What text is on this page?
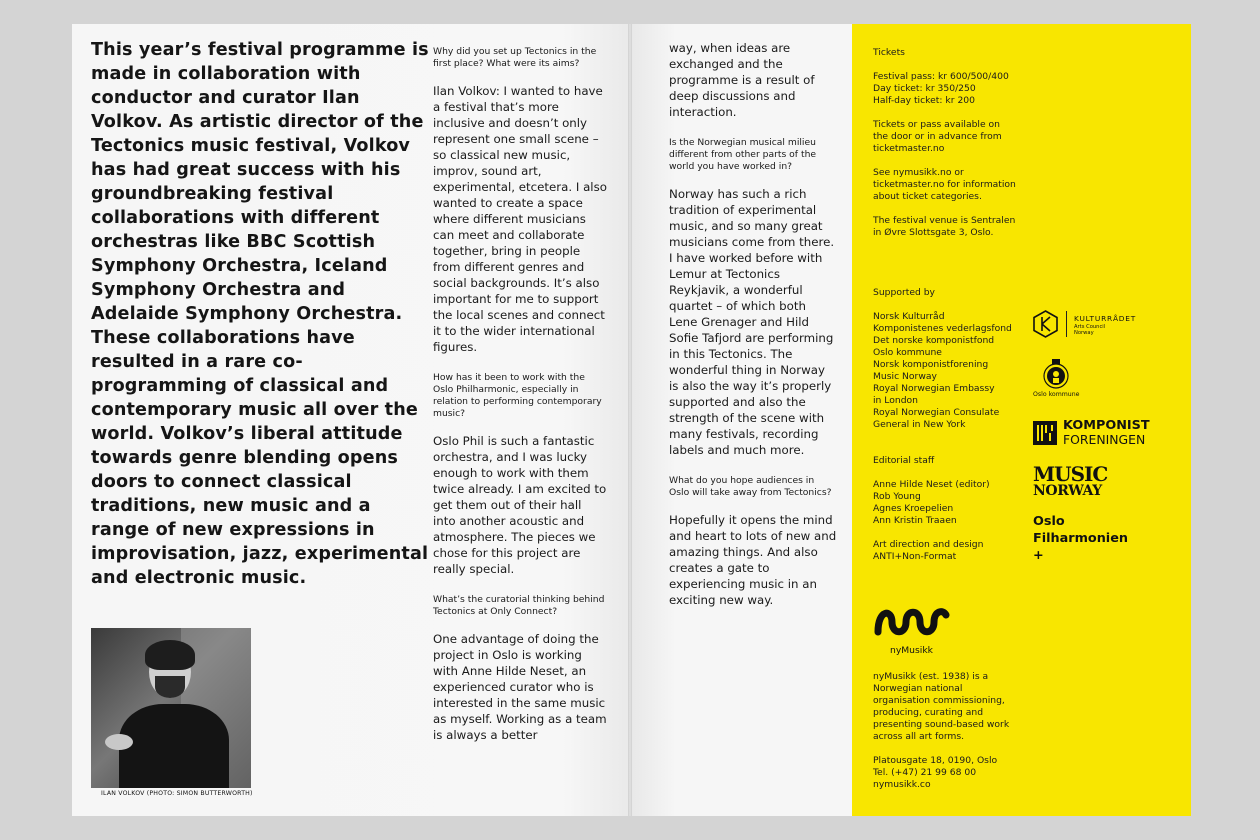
This year’s festival programme is made in collaboration with conductor and curator Ilan Volkov. As artistic director of the Tectonics music festival, Volkov has had great success with his groundbreaking festival collaborations with different orchestras like BBC Scottish Symphony Orchestra, Iceland Symphony Orchestra and Adelaide Symphony Orchestra. These collaborations have resulted in a rare co-programming of classical and contemporary music all over the world. Volkov’s liberal attitude towards genre blending opens doors to connect classical traditions, new music and a range of new expressions in improvisation, jazz, experimental and electronic music.

Why did you set up Tectonics in the first place? What were its aims?

Ilan Volkov: I wanted to have a festival that’s more inclusive and doesn’t only represent one small scene – so classical new music, improv, sound art, experimental, etcetera. I also wanted to create a space where different musicians can meet and collaborate together, bring in people from different genres and social backgrounds. It’s also important for me to support the local scenes and connect it to the wider international figures.

How has it been to work with the Oslo Philharmonic, especially in relation to performing contemporary music?

Oslo Phil is such a fantastic orchestra, and I was lucky enough to work with them twice already. I am excited to get them out of their hall into another acoustic and atmosphere. The pieces we chose for this project are really special.

What’s the curatorial thinking behind Tectonics at Only Connect?

One advantage of doing the project in Oslo is working with Anne Hilde Neset, an experienced curator who is interested in the same music as myself. Working as a team is always a better

way, when ideas are exchanged and the programme is a result of deep discussions and interaction.

Is the Norwegian musical milieu different from other parts of the world you have worked in?

Norway has such a rich tradition of experimental music, and so many great musicians come from there. I have worked before with Lemur at Tectonics Reykjavik, a wonderful quartet – of which both Lene Grenager and Hild Sofie Tafjord are performing in this Tectonics. The wonderful thing in Norway is also the way it’s properly supported and also the strength of the scene with many festivals, recording labels and much more.

What do you hope audiences in Oslo will take away from Tectonics?

Hopefully it opens the mind and heart to lots of new and amazing things. And also creates a gate to experiencing music in an exciting new way.

ILAN VOLKOV (PHOTO: SIMON BUTTERWORTH)
Tickets
Festival pass: kr 600/500/400
Day ticket: kr 350/250
Half-day ticket: kr 200
Tickets or pass available on
the door or in advance from
ticketmaster.no
See nymusikk.no or
ticketmaster.no for information
about ticket categories.
The festival venue is Sentralen
in Øvre Slottsgate 3, Oslo.
Supported by
Norsk Kulturråd
Komponistenes vederlagsfond
Det norske komponistfond
Oslo kommune
Norsk komponistforening
Music Norway
Royal Norwegian Embassy
in London
Royal Norwegian Consulate
General in New York
Editorial staff
Anne Hilde Neset (editor)
Rob Young
Agnes Kroepelien
Ann Kristin Traaen
Art direction and design
ANTI+Non-Format
nyMusikk (est. 1938) is a
Norwegian national
organisation commissioning,
producing, curating and
presenting sound-based work
across all art forms.
Platousgate 18, 0190, Oslo
Tel. (+47) 21 99 68 00
nymusikk.co
KULTURRÅDET
Arts Council
Norway
Oslo kommune
KOMPONIST
FORENINGEN
MUSIC
NORWAY
Oslo
Filharmonien
+
nyMusikk
